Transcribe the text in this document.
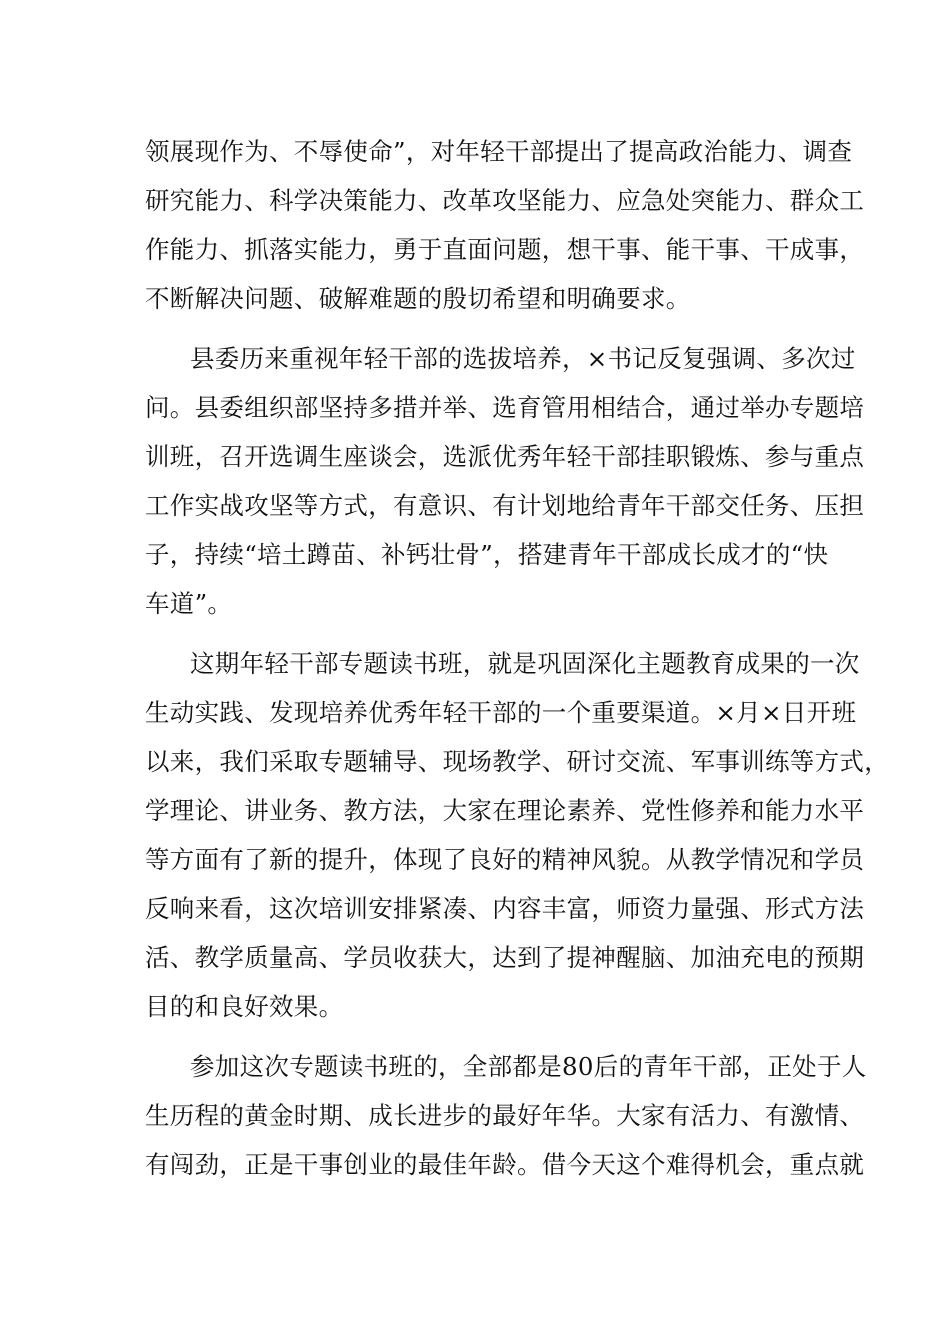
领展现作为、不辱使命”，对年轻干部提出了提高政治能力、调查
研究能力、科学决策能力、改革攻坚能力、应急处突能力、群众工
作能力、抓落实能力，勇于直面问题，想干事、能干事、干成事，
不断解决问题、破解难题的殷切希望和明确要求。
县委历来重视年轻干部的选拔培养，×书记反复强调、多次过
问。县委组织部坚持多措并举、选育管用相结合，通过举办专题培
训班，召开选调生座谈会，选派优秀年轻干部挂职锻炼、参与重点
工作实战攻坚等方式，有意识、有计划地给青年干部交任务、压担
子，持续“培土蹲苗、补钙壮骨”，搭建青年干部成长成才的“快
车道”。
这期年轻干部专题读书班，就是巩固深化主题教育成果的一次
生动实践、发现培养优秀年轻干部的一个重要渠道。×月×日开班
以来，我们采取专题辅导、现场教学、研讨交流、军事训练等方式，
学理论、讲业务、教方法，大家在理论素养、党性修养和能力水平
等方面有了新的提升，体现了良好的精神风貌。从教学情况和学员
反响来看，这次培训安排紧凑、内容丰富，师资力量强、形式方法
活、教学质量高、学员收获大，达到了提神醒脑、加油充电的预期
目的和良好效果。
参加这次专题读书班的，全部都是80后的青年干部，正处于人
生历程的黄金时期、成长进步的最好年华。大家有活力、有激情、
有闯劲，正是干事创业的最佳年龄。借今天这个难得机会，重点就
